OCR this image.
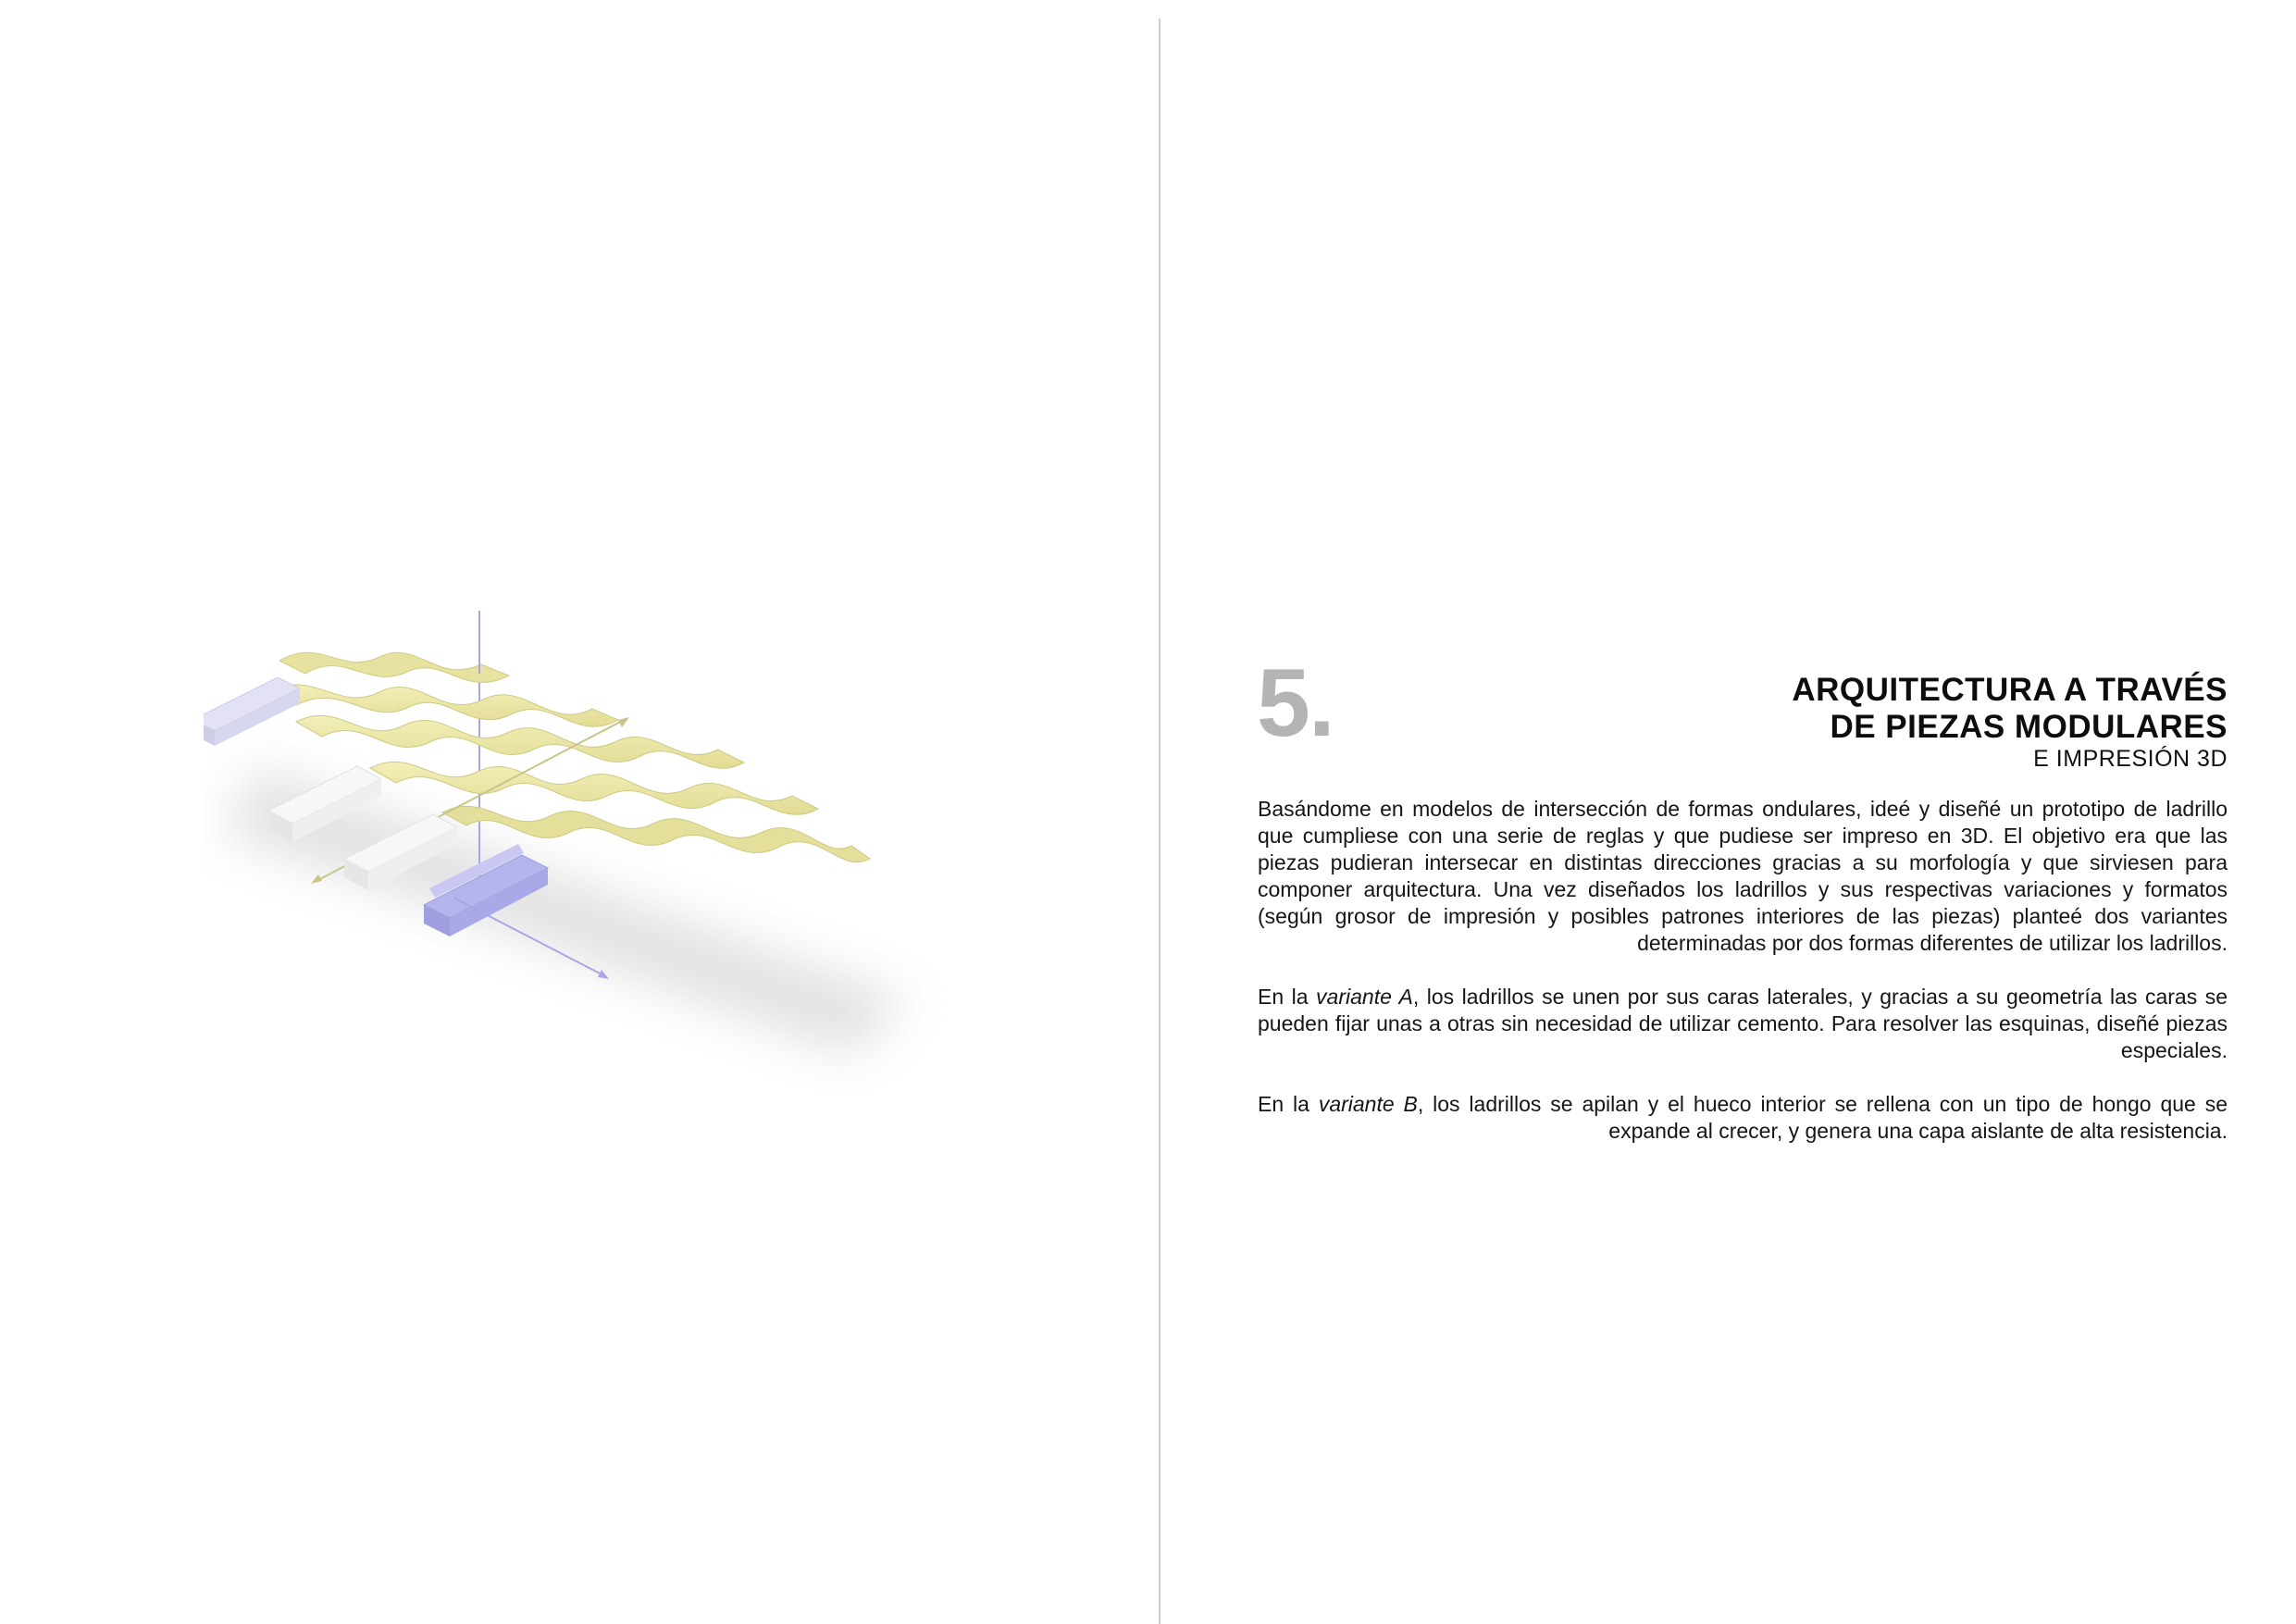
5.	ARQUITECTURA A TRAVÉS
DE PIEZAS MODULARES
E IMPRESIÓN 3D

Basándome en modelos de intersección de formas ondulares, ideé y diseñé un prototipo de ladrillo que cumpliese con una serie de reglas y que pudiese ser impreso en 3D. El objetivo era que las piezas pudieran intersecar en distintas direcciones gracias a su morfología y que sirviesen para componer arquitectura. Una vez diseñados los ladrillos y sus respectivas variaciones y formatos (según grosor de impresión y posibles patrones interiores de las piezas) planteé dos variantes determinadas por dos formas diferentes de utilizar los ladrillos.

En la variante A, los ladrillos se unen por sus caras laterales, y gracias a su geometría las caras se pueden fijar unas a otras sin necesidad de utilizar cemento. Para resolver las esquinas, diseñé piezas especiales.

En la variante B, los ladrillos se apilan y el hueco interior se rellena con un tipo de hongo que se expande al crecer, y genera una capa aislante de alta resistencia.
